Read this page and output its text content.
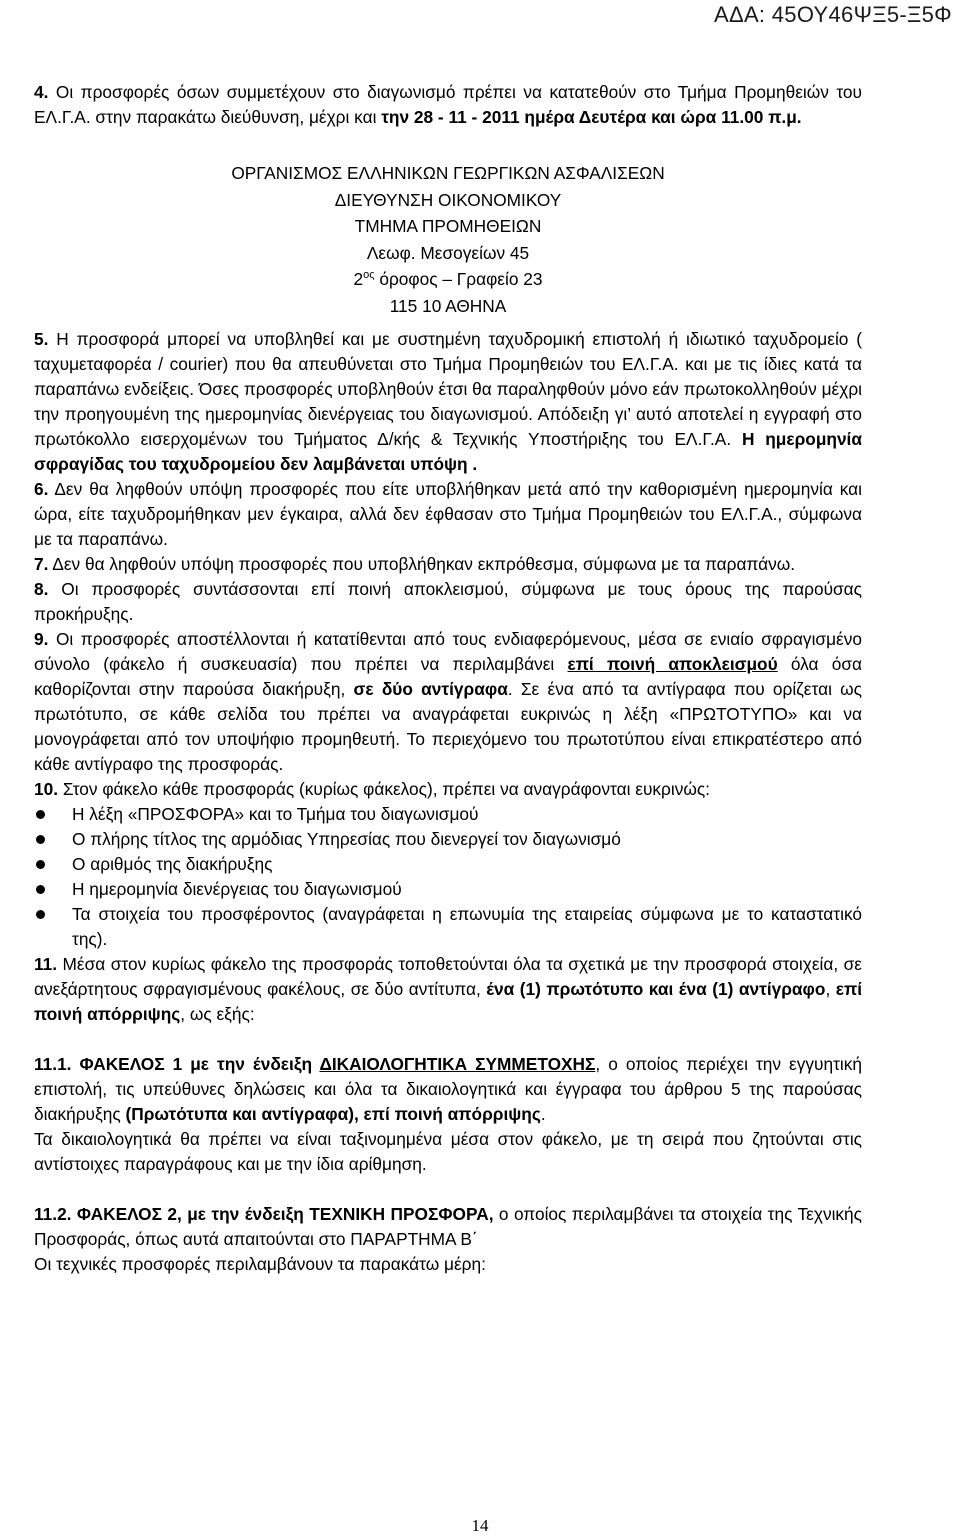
ΑΔΑ: 45ΟΥ46ΨΞ5-Ξ5Φ

4. Οι προσφορές όσων συμμετέχουν στο διαγωνισμό πρέπει να κατατεθούν στο Τμήμα Προμηθειών του ΕΛ.Γ.Α. στην παρακάτω διεύθυνση, μέχρι και την 28 - 11 - 2011 ημέρα Δευτέρα και ώρα 11.00 π.μ.

ΟΡΓΑΝΙΣΜΟΣ ΕΛΛΗΝΙΚΩΝ ΓΕΩΡΓΙΚΩΝ ΑΣΦΑΛΙΣΕΩΝ
ΔΙΕΥΘΥΝΣΗ ΟΙΚΟΝΟΜΙΚΟΥ
ΤΜΗΜΑ ΠΡΟΜΗΘΕΙΩΝ
Λεωφ. Μεσογείων 45
$2^{o\varsigma}$ όροφος – Γραφείο 23
115 10 ΑΘΗΝΑ

5. Η προσφορά μπορεί να υποβληθεί και με συστημένη ταχυδρομική επιστολή ή ιδιωτικό ταχυδρομείο ( ταχυμεταφορέα / courier) που θα απευθύνεται στο Τμήμα Προμηθειών του ΕΛ.Γ.Α. και με τις ίδιες κατά τα παραπάνω ενδείξεις. Όσες προσφορές υποβληθούν έτσι θα παραληφθούν μόνο εάν πρωτοκολληθούν μέχρι την προηγουμένη της ημερομηνίας διενέργειας του διαγωνισμού. Απόδειξη γι’ αυτό αποτελεί η εγγραφή στο πρωτόκολλο εισερχομένων του Τμήματος Δ/κής & Τεχνικής Υποστήριξης του ΕΛ.Γ.Α. Η ημερομηνία σφραγίδας του ταχυδρομείου δεν λαμβάνεται υπόψη .

6. Δεν θα ληφθούν υπόψη προσφορές που είτε υποβλήθηκαν μετά από την καθορισμένη ημερομηνία και ώρα, είτε ταχυδρομήθηκαν μεν έγκαιρα, αλλά δεν έφθασαν στο Τμήμα Προμηθειών του ΕΛ.Γ.Α., σύμφωνα με τα παραπάνω.

7. Δεν θα ληφθούν υπόψη προσφορές που υποβλήθηκαν εκπρόθεσμα, σύμφωνα με τα παραπάνω.

8. Οι προσφορές συντάσσονται επί ποινή αποκλεισμού, σύμφωνα με τους όρους της παρούσας προκήρυξης.

9. Οι προσφορές αποστέλλονται ή κατατίθενται από τους ενδιαφερόμενους, μέσα σε ενιαίο σφραγισμένο σύνολο (φάκελο ή συσκευασία) που πρέπει να περιλαμβάνει επί ποινή αποκλεισμού όλα όσα καθορίζονται στην παρούσα διακήρυξη, σε δύο αντίγραφα. Σε ένα από τα αντίγραφα που ορίζεται ως πρωτότυπο, σε κάθε σελίδα του πρέπει να αναγράφεται ευκρινώς η λέξη «ΠΡΩΤΟΤΥΠΟ» και να μονογράφεται από τον υποψήφιο προμηθευτή. Το περιεχόμενο του πρωτοτύπου είναι επικρατέστερο από κάθε αντίγραφο της προσφοράς.

10. Στον φάκελο κάθε προσφοράς (κυρίως φάκελος), πρέπει να αναγράφονται ευκρινώς:

Η λέξη «ΠΡΟΣΦΟΡΑ» και το Τμήμα του διαγωνισμού
Ο πλήρης τίτλος της αρμόδιας Υπηρεσίας που διενεργεί τον διαγωνισμό
Ο αριθμός της διακήρυξης
Η ημερομηνία διενέργειας του διαγωνισμού
Τα στοιχεία του προσφέροντος (αναγράφεται η επωνυμία της εταιρείας σύμφωνα με το καταστατικό της).

11. Μέσα στον κυρίως φάκελο της προσφοράς τοποθετούνται όλα τα σχετικά με την προσφορά στοιχεία, σε ανεξάρτητους σφραγισμένους φακέλους, σε δύο αντίτυπα, ένα (1) πρωτότυπο και ένα (1) αντίγραφο, επί ποινή απόρριψης, ως εξής:

11.1. ΦΑΚΕΛΟΣ 1 με την ένδειξη ΔΙΚΑΙΟΛΟΓΗΤΙΚΑ ΣΥΜΜΕΤΟΧΗΣ, ο οποίος περιέχει την εγγυητική επιστολή, τις υπεύθυνες δηλώσεις και όλα τα δικαιολογητικά και έγγραφα του άρθρου 5 της παρούσας διακήρυξης (Πρωτότυπα και αντίγραφα), επί ποινή απόρριψης.

Τα δικαιολογητικά θα πρέπει να είναι ταξινομημένα μέσα στον φάκελο, με τη σειρά που ζητούνται στις αντίστοιχες παραγράφους και με την ίδια αρίθμηση.

11.2. ΦΑΚΕΛΟΣ 2, με την ένδειξη ΤΕΧΝΙΚΗ ΠΡΟΣΦΟΡΑ, ο οποίος περιλαμβάνει τα στοιχεία της Τεχνικής Προσφοράς, όπως αυτά απαιτούνται στο ΠΑΡΑΡΤΗΜΑ Β΄

Οι τεχνικές προσφορές περιλαμβάνουν τα παρακάτω μέρη:

14
